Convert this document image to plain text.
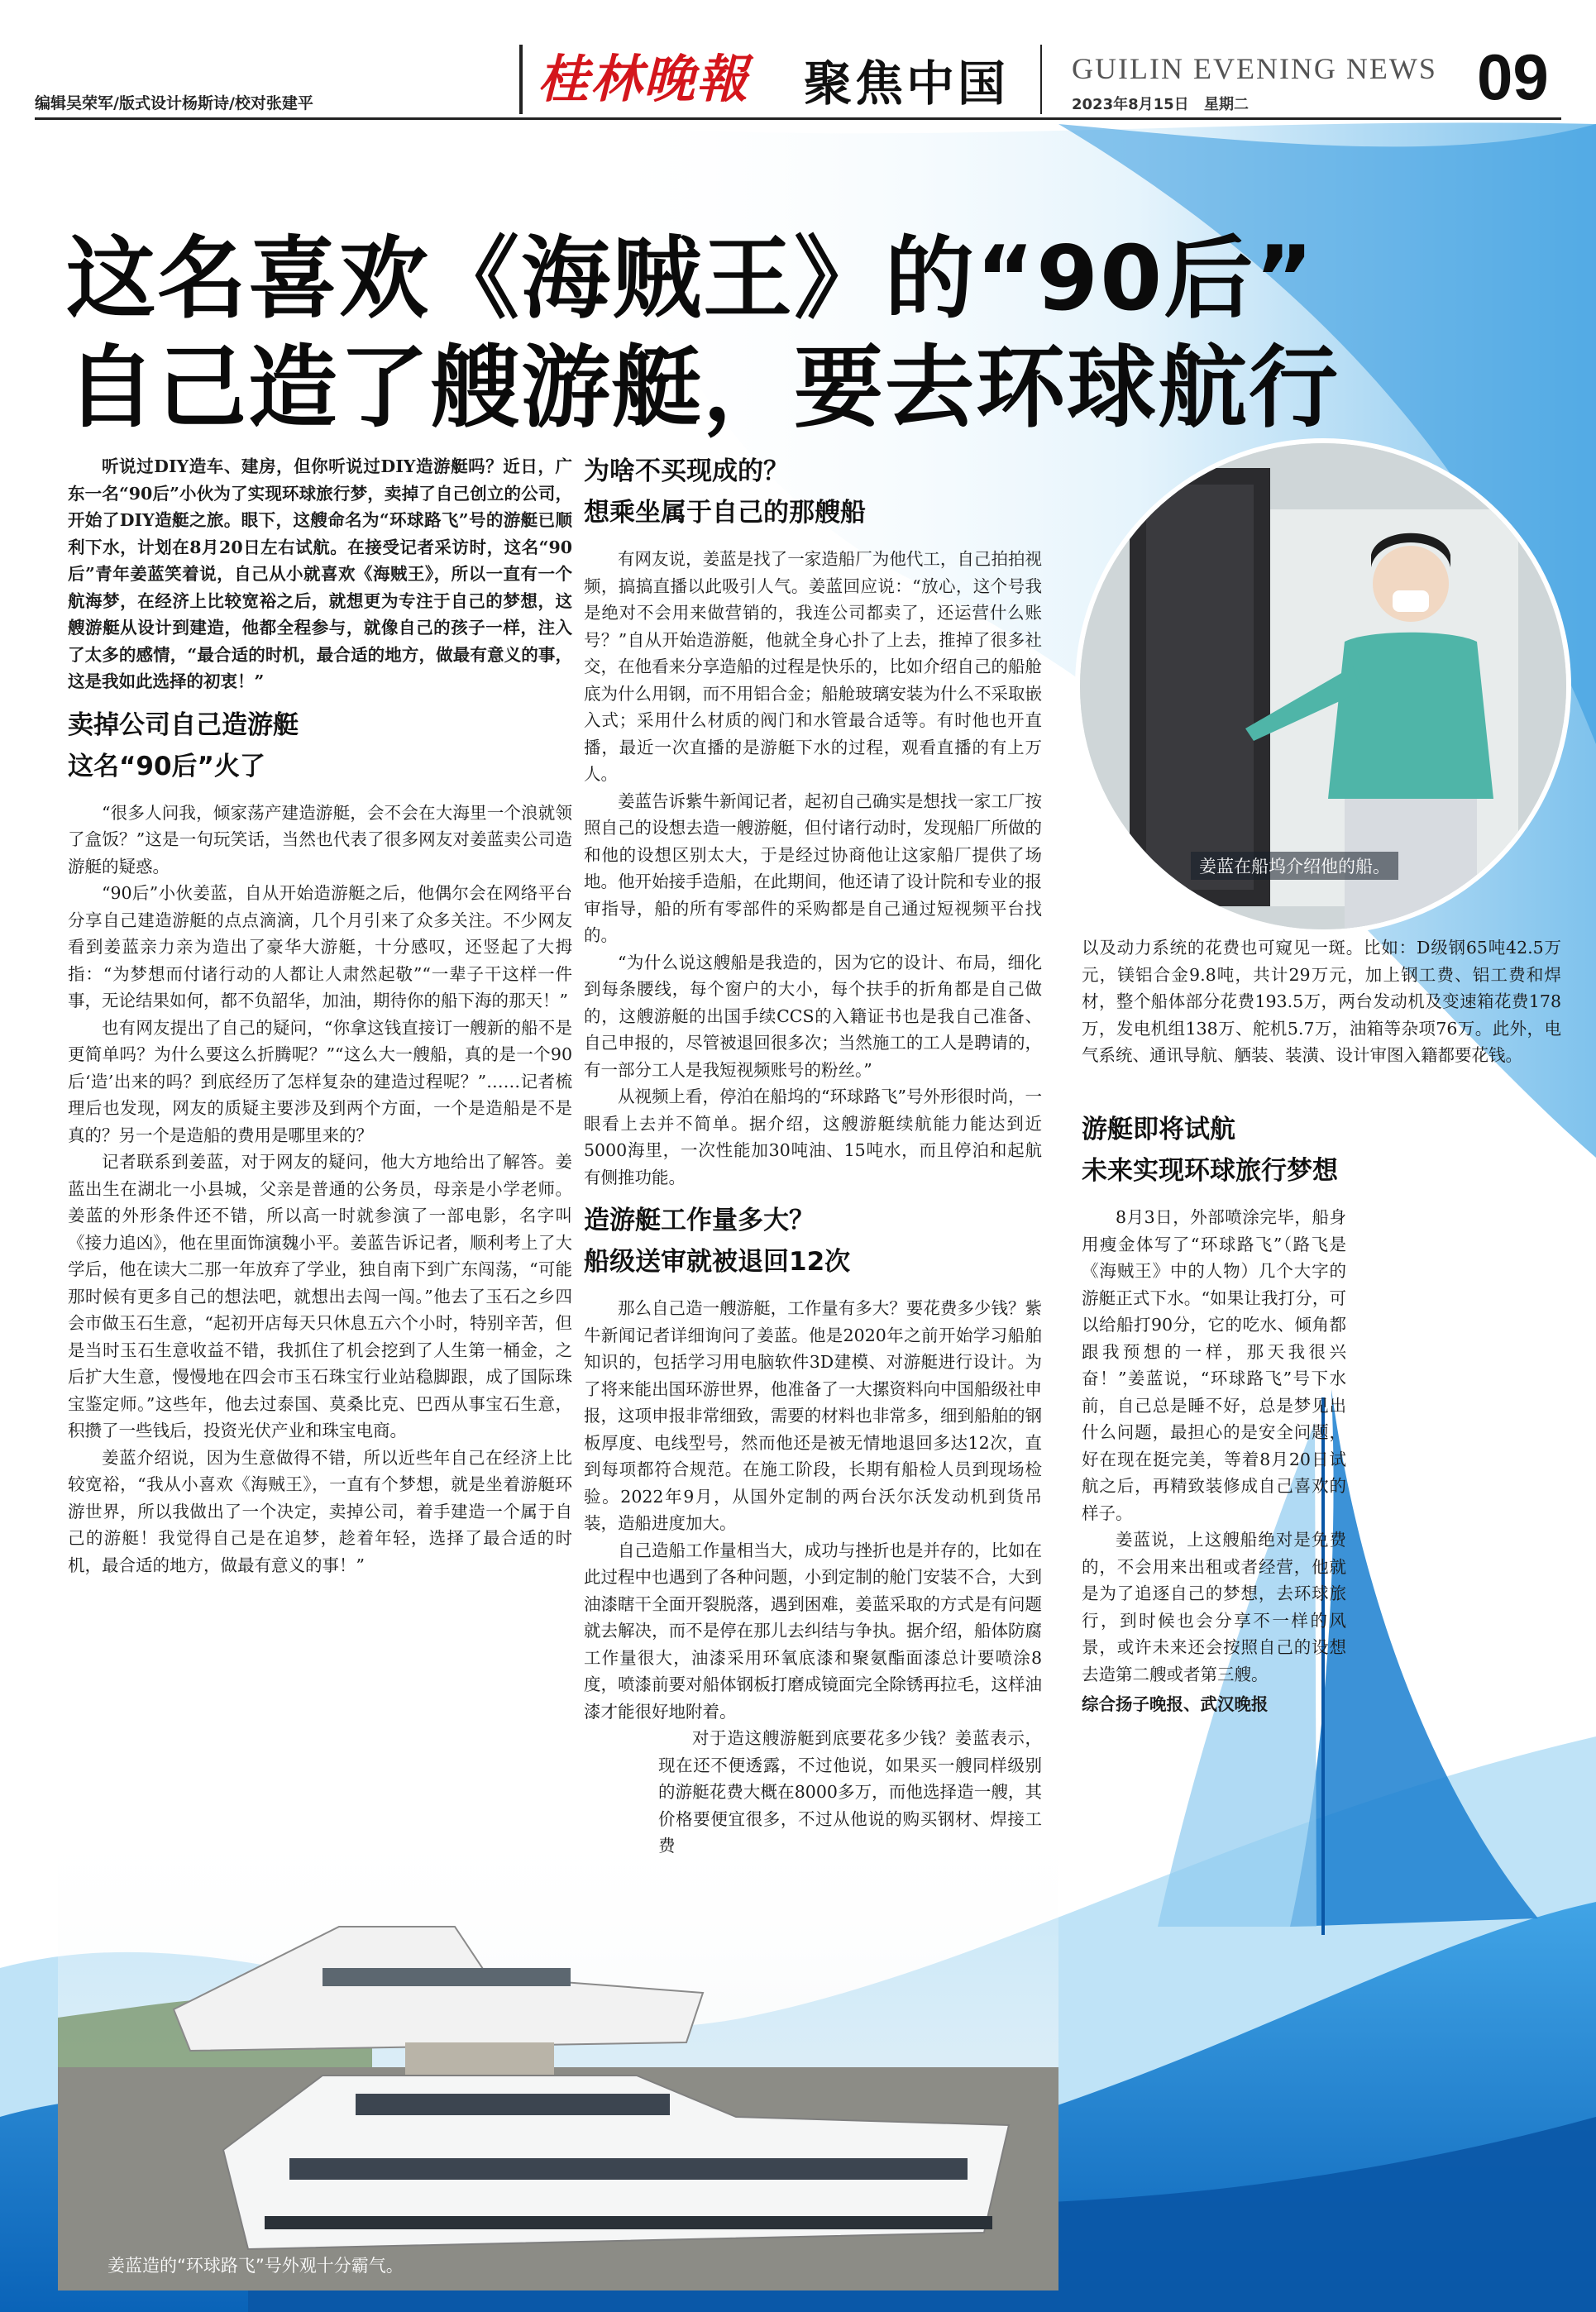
编辑吴荣军/版式设计杨斯诗/校对张建平	桂林晚報 聚焦中国 GUILIN EVENING NEWS
2023年8月15日 星期二	09
这名喜欢《海贼王》的“90后”
自己造了艘游艇，要去环球航行

听说过DIY造车、建房，但你听说过DIY造游艇吗？近日，广东一名“90后”小伙为了实现环球旅行梦，卖掉了自己创立的公司，开始了DIY造艇之旅。眼下，这艘命名为“环球路飞”号的游艇已顺利下水，计划在8月20日左右试航。在接受记者采访时，这名“90后”青年姜蓝笑着说，自己从小就喜欢《海贼王》，所以一直有一个航海梦，在经济上比较宽裕之后，就想更为专注于自己的梦想，这艘游艇从设计到建造，他都全程参与，就像自己的孩子一样，注入了太多的感情，“最合适的时机，最合适的地方，做最有意义的事，这是我如此选择的初衷！”

卖掉公司自己造游艇
这名“90后”火了

“很多人问我，倾家荡产建造游艇，会不会在大海里一个浪就领了盒饭？”这是一句玩笑话，当然也代表了很多网友对姜蓝卖公司造游艇的疑惑。

“90后”小伙姜蓝，自从开始造游艇之后，他偶尔会在网络平台分享自己建造游艇的点点滴滴，几个月引来了众多关注。不少网友看到姜蓝亲力亲为造出了豪华大游艇，十分感叹，还竖起了大拇指：“为梦想而付诸行动的人都让人肃然起敬”“一辈子干这样一件事，无论结果如何，都不负韶华，加油，期待你的船下海的那天！”

也有网友提出了自己的疑问，“你拿这钱直接订一艘新的船不是更简单吗？为什么要这么折腾呢？”“这么大一艘船，真的是一个90后‘造’出来的吗？到底经历了怎样复杂的建造过程呢？”……记者梳理后也发现，网友的质疑主要涉及到两个方面，一个是造船是不是真的？另一个是造船的费用是哪里来的？

记者联系到姜蓝，对于网友的疑问，他大方地给出了解答。姜蓝出生在湖北一小县城，父亲是普通的公务员，母亲是小学老师。姜蓝的外形条件还不错，所以高一时就参演了一部电影，名字叫《接力追凶》，他在里面饰演魏小平。姜蓝告诉记者，顺利考上了大学后，他在读大二那一年放弃了学业，独自南下到广东闯荡，“可能那时候有更多自己的想法吧，就想出去闯一闯。”他去了玉石之乡四会市做玉石生意，“起初开店每天只休息五六个小时，特别辛苦，但是当时玉石生意收益不错，我抓住了机会挖到了人生第一桶金，之后扩大生意，慢慢地在四会市玉石珠宝行业站稳脚跟，成了国际珠宝鉴定师。”这些年，他去过泰国、莫桑比克、巴西从事宝石生意，积攒了一些钱后，投资光伏产业和珠宝电商。

姜蓝介绍说，因为生意做得不错，所以近些年自己在经济上比较宽裕，“我从小喜欢《海贼王》，一直有个梦想，就是坐着游艇环游世界，所以我做出了一个决定，卖掉公司，着手建造一个属于自己的游艇！我觉得自己是在追梦，趁着年轻，选择了最合适的时机，最合适的地方，做最有意义的事！”

为啥不买现成的？
想乘坐属于自己的那艘船

有网友说，姜蓝是找了一家造船厂为他代工，自己拍拍视频，搞搞直播以此吸引人气。姜蓝回应说：“放心，这个号我是绝对不会用来做营销的，我连公司都卖了，还运营什么账号？”自从开始造游艇，他就全身心扑了上去，推掉了很多社交，在他看来分享造船的过程是快乐的，比如介绍自己的船舱底为什么用钢，而不用铝合金；船舱玻璃安装为什么不采取嵌入式；采用什么材质的阀门和水管最合适等。有时他也开直播，最近一次直播的是游艇下水的过程，观看直播的有上万人。

姜蓝告诉紫牛新闻记者，起初自己确实是想找一家工厂按照自己的设想去造一艘游艇，但付诸行动时，发现船厂所做的和他的设想区别太大，于是经过协商他让这家船厂提供了场地。他开始接手造船，在此期间，他还请了设计院和专业的报审指导，船的所有零部件的采购都是自己通过短视频平台找的。

“为什么说这艘船是我造的，因为它的设计、布局，细化到每条腰线，每个窗户的大小，每个扶手的折角都是自己做的，这艘游艇的出国手续CCS的入籍证书也是我自己准备、自己申报的，尽管被退回很多次；当然施工的工人是聘请的，有一部分工人是我短视频账号的粉丝。”

从视频上看，停泊在船坞的“环球路飞”号外形很时尚，一眼看上去并不简单。据介绍，这艘游艇续航能力能达到近5000海里，一次性能加30吨油、15吨水，而且停泊和起航有侧推功能。

造游艇工作量多大？
船级送审就被退回12次

那么自己造一艘游艇，工作量有多大？要花费多少钱？紫牛新闻记者详细询问了姜蓝。他是2020年之前开始学习船舶知识的，包括学习用电脑软件3D建模、对游艇进行设计。为了将来能出国环游世界，他准备了一大摞资料向中国船级社申报，这项申报非常细致，需要的材料也非常多，细到船舶的钢板厚度、电线型号，然而他还是被无情地退回多达12次，直到每项都符合规范。在施工阶段，长期有船检人员到现场检验。2022年9月，从国外定制的两台沃尔沃发动机到货吊装，造船进度加大。

自己造船工作量相当大，成功与挫折也是并存的，比如在此过程中也遇到了各种问题，小到定制的舱门安装不合，大到油漆瞎干全面开裂脱落，遇到困难，姜蓝采取的方式是有问题就去解决，而不是停在那儿去纠结与争执。据介绍，船体防腐工作量很大，油漆采用环氧底漆和聚氨酯面漆总计要喷涂8度，喷漆前要对船体钢板打磨成镜面完全除锈再拉毛，这样油漆才能很好地附着。

对于造这艘游艇到底要花多少钱？姜蓝表示，现在还不便透露，不过他说，如果买一艘同样级别的游艇花费大概在8000多万，而他选择造一艘，其价格要便宜很多，不过从他说的购买钢材、焊接工费

姜蓝在船坞介绍他的船。

以及动力系统的花费也可窥见一斑。比如：D级钢65吨42.5万元，镁铝合金9.8吨，共计29万元，加上钢工费、铝工费和焊材，整个船体部分花费193.5万，两台发动机及变速箱花费178万，发电机组138万、舵机5.7万，油箱等杂项76万。此外，电气系统、通讯导航、舾装、装潢、设计审图入籍都要花钱。

游艇即将试航
未来实现环球旅行梦想

8月3日，外部喷涂完毕，船身用瘦金体写了“环球路飞”（路飞是《海贼王》中的人物）几个大字的游艇正式下水。“如果让我打分，可以给船打90分，它的吃水、倾角都跟我预想的一样，那天我很兴奋！”姜蓝说，“环球路飞”号下水前，自己总是睡不好，总是梦见出什么问题，最担心的是安全问题，好在现在挺完美，等着8月20日试航之后，再精致装修成自己喜欢的样子。

姜蓝说，上这艘船绝对是免费的，不会用来出租或者经营，他就是为了追逐自己的梦想，去环球旅行，到时候也会分享不一样的风景，或许未来还会按照自己的设想去造第二艘或者第三艘。

综合扬子晚报、武汉晚报

姜蓝造的“环球路飞”号外观十分霸气。
